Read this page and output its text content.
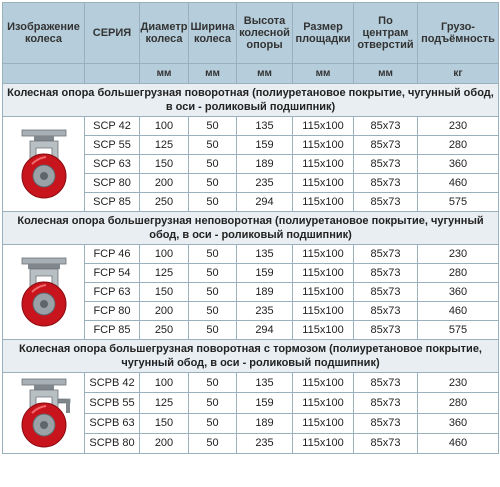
Изображение колеса	СЕРИЯ	Диаметр колеса	Ширина колеса	Высота колесной опоры	Размер площадки	По центрам отверстий	Грузо-подъёмность
		мм	мм	мм	мм	мм	кг
Колесная опора большегрузная поворотная (полиуретановое покрытие, чугунный обод, в оси - роликовый подшипник)							

	SCP 42	100	50	135	115x100	85x73	230
	SCP 55	125	50	159	115x100	85x73	280
	SCP 63	150	50	189	115x100	85x73	360
	SCP 80	200	50	235	115x100	85x73	460
	SCP 85	250	50	294	115x100	85x73	575
Колесная опора большегрузная неповоротная (полиуретановое покрытие, чугунный обод, в оси - роликовый подшипник)							

	FCP 46	100	50	135	115x100	85x73	230
	FCP 54	125	50	159	115x100	85x73	280
	FCP 63	150	50	189	115x100	85x73	360
	FCP 80	200	50	235	115x100	85x73	460
	FCP 85	250	50	294	115x100	85x73	575
Колесная опора большегрузная поворотная с тормозом (полиуретановое покрытие, чугунный обод, в оси - роликовый подшипник)							

	SCPB 42	100	50	135	115x100	85x73	230
	SCPB 55	125	50	159	115x100	85x73	280
	SCPB 63	150	50	189	115x100	85x73	360
	SCPB 80	200	50	235	115x100	85x73	460
